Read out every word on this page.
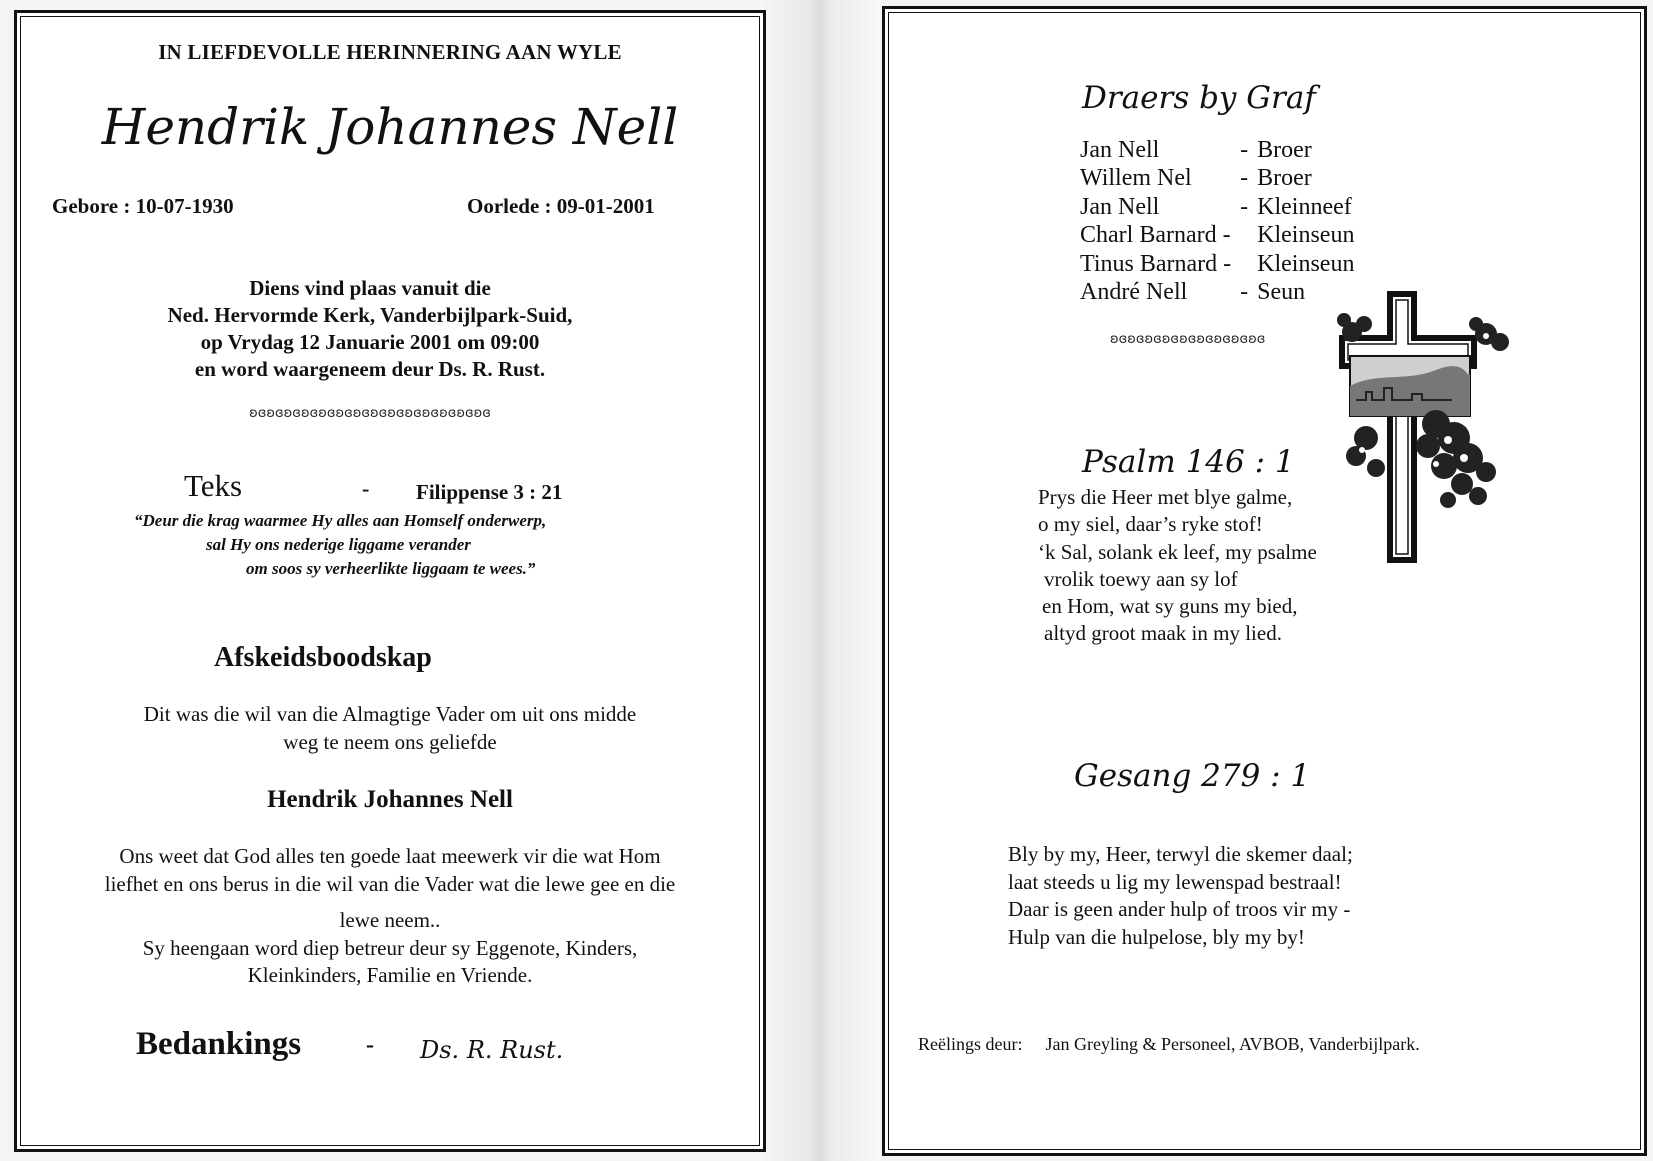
IN LIEFDEVOLLE HERINNERING AAN WYLE
Hendrik Johannes Nell
Gebore : 10-07-1930	Oorlede : 09-01-2001
Diens vind plaas vanuit die
Ned. Hervormde Kerk, Vanderbijlpark-Suid,
op Vrydag 12 Januarie 2001 om 09:00
en word waargeneem deur Ds. R. Rust.
ʚɞʚɞʚɞʚɞʚɞʚɞʚɞʚɞʚɞʚɞʚɞʚɞʚɞʚɞ
Teks	- Filippense 3 : 21
“Deur die krag waarmee Hy alles aan Homself onderwerp,
sal Hy ons nederige liggame verander
om soos sy verheerlikte liggaam te wees.”
Afskeidsboodskap
Dit was die wil van die Almagtige Vader om uit ons midde
weg te neem ons geliefde
Hendrik Johannes Nell
Ons weet dat God alles ten goede laat meewerk vir die wat Hom
liefhet en ons berus in die wil van die Vader wat die lewe gee en die
lewe neem..
Sy heengaan word diep betreur deur sy Eggenote, Kinders,
Kleinkinders, Familie en Vriende.
Bedankings	- Ds. R. Rust.
Draers by Graf
Jan Nell	-	Broer
Willem Nel	-	Broer
Jan Nell	-	Kleinneef
Charl Barnard -		Kleinseun
Tinus Barnard -		Kleinseun
André Nell	-	Seun
ʚɞʚɞʚɞʚɞʚɞʚɞʚɞʚɞʚɞ
Psalm 146 : 1
Prys die Heer met blye galme,
o my siel, daar’s ryke stof!
‘k Sal, solank ek leef, my psalme
vrolik toewy aan sy lof
en Hom, wat sy guns my bied,
altyd groot maak in my lied.
Gesang 279 : 1
Bly by my, Heer, terwyl die skemer daal;
laat steeds u lig my lewenspad bestraal!
Daar is geen ander hulp of troos vir my -
Hulp van die hulpelose, bly my by!
Reëlings deur: Jan Greyling & Personeel, AVBOB, Vanderbijlpark.
